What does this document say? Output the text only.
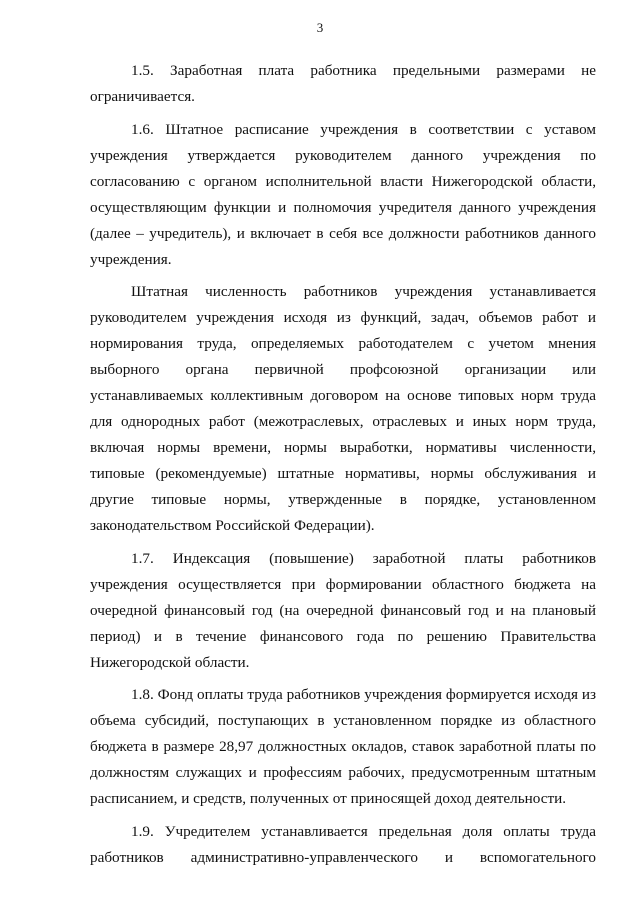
3

1.5. Заработная плата работника предельными размерами не ограничивается.

1.6. Штатное расписание учреждения в соответствии с уставом учреждения утверждается руководителем данного учреждения по согласованию с органом исполнительной власти Нижегородской области, осуществляющим функции и полномочия учредителя данного учреждения (далее – учредитель), и включает в себя все должности работников данного учреждения.

Штатная численность работников учреждения устанавливается руководителем учреждения исходя из функций, задач, объемов работ и нормирования труда, определяемых работодателем с учетом мнения выборного органа первичной профсоюзной организации или устанавливаемых коллективным договором на основе типовых норм труда для однородных работ (межотраслевых, отраслевых и иных норм труда, включая нормы времени, нормы выработки, нормативы численности, типовые (рекомендуемые) штатные нормативы, нормы обслуживания и другие типовые нормы, утвержденные в порядке, установленном законодательством Российской Федерации).

1.7. Индексация (повышение) заработной платы работников учреждения осуществляется при формировании областного бюджета на очередной финансовый год (на очередной финансовый год и на плановый период) и в течение финансового года по решению Правительства Нижегородской области.

1.8. Фонд оплаты труда работников учреждения формируется исходя из объема субсидий, поступающих в установленном порядке из областного бюджета в размере 28,97 должностных окладов, ставок заработной платы по должностям служащих и профессиям рабочих, предусмотренным штатным расписанием, и средств, полученных от приносящей доход деятельности.

1.9. Учредителем устанавливается предельная доля оплаты труда работников административно-управленческого и вспомогательного
